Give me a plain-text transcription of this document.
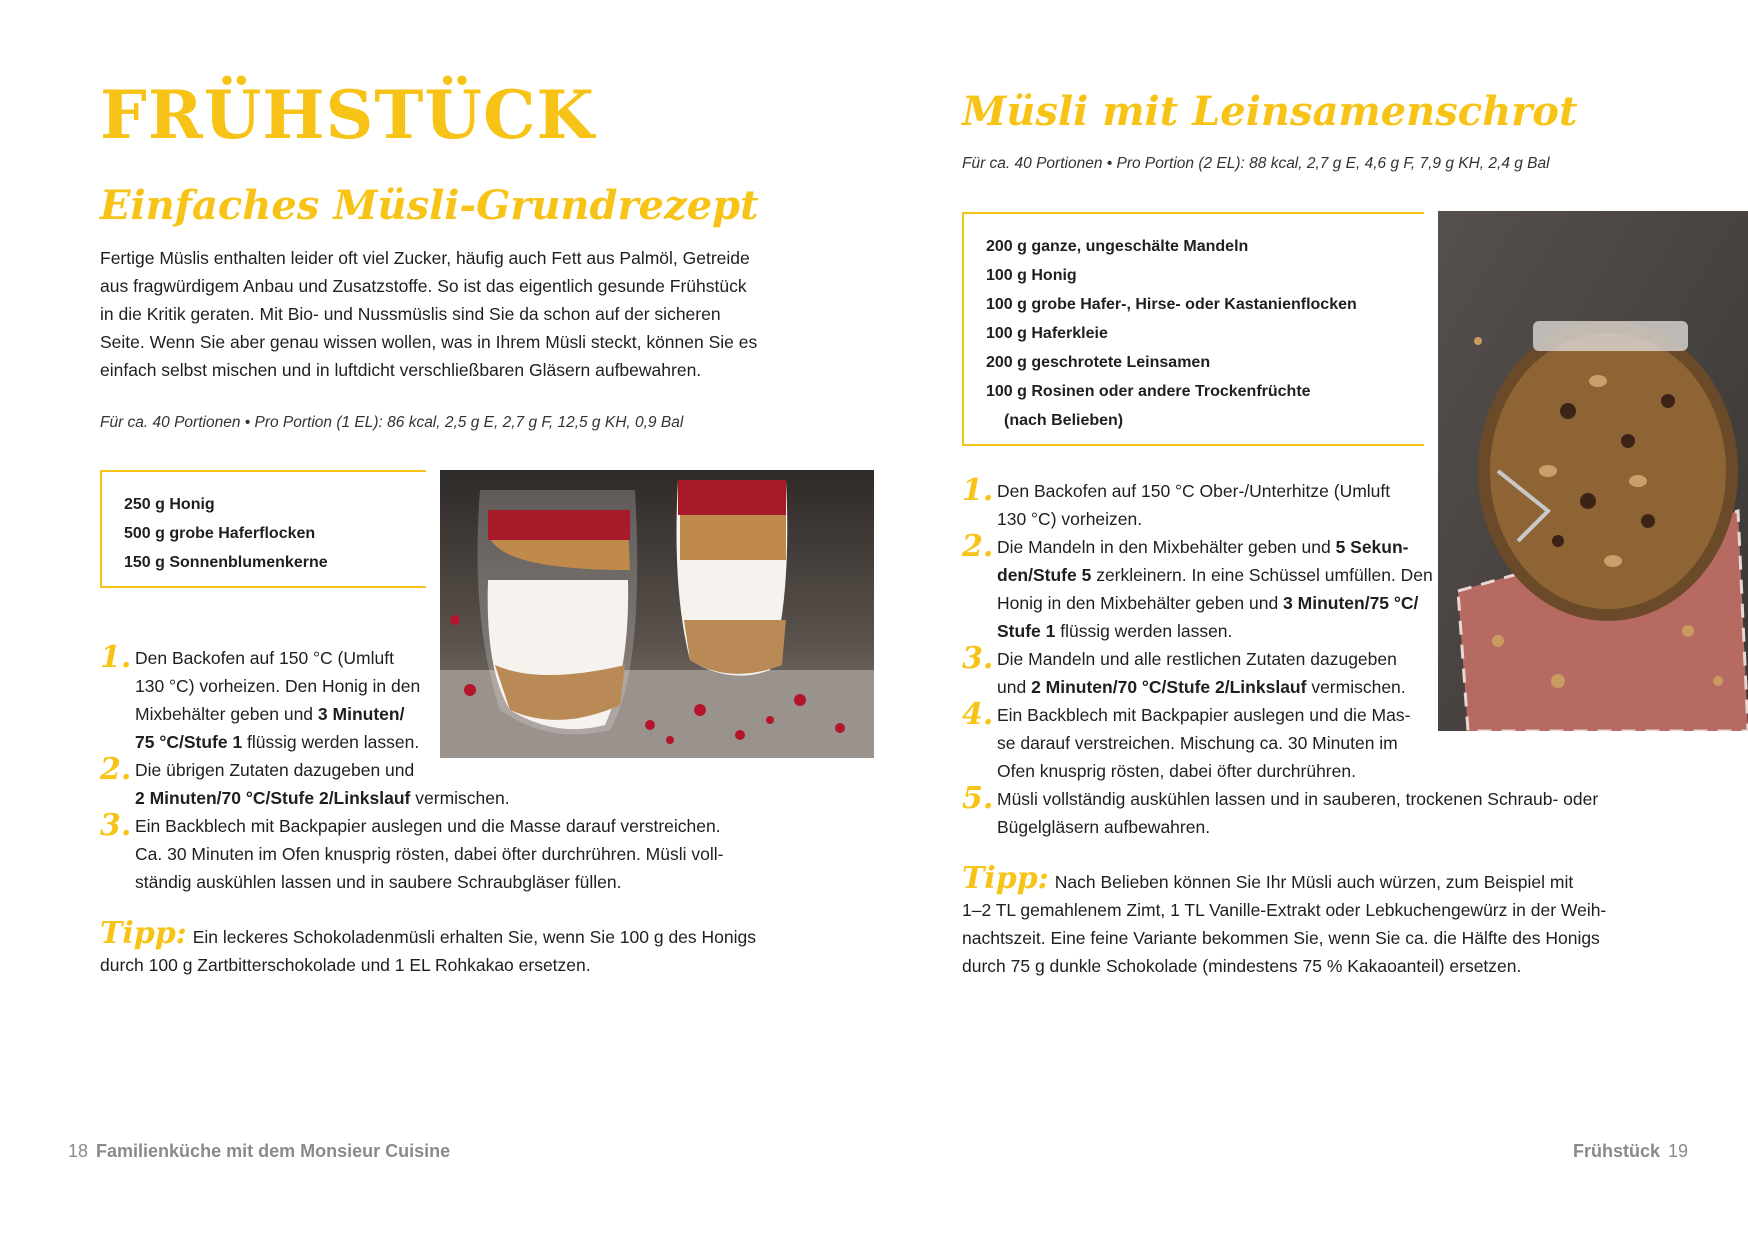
FRÜHSTÜCK
Einfaches Müsli-Grundrezept

Fertige Müslis enthalten leider oft viel Zucker, häufig auch Fett aus Palmöl, Getreide

aus fragwürdigem Anbau und Zusatzstoffe. So ist das eigentlich gesunde Frühstück

in die Kritik geraten. Mit Bio- und Nussmüslis sind Sie da schon auf der sicheren

Seite. Wenn Sie aber genau wissen wollen, was in Ihrem Müsli steckt, können Sie es

einfach selbst mischen und in luftdicht verschließbaren Gläsern aufbewahren.

Für ca. 40 Portionen • Pro Portion (1 EL): 86 kcal, 2,5 g E, 2,7 g F, 12,5 g KH, 0,9 Bal

250 g Honig
500 g grobe Haferflocken
150 g Sonnenblumenkerne
1. Den Backofen auf 150 °C (Umluft

130 °C) vorheizen. Den Honig in den

Mixbehälter geben und 3 Minuten/

75 °C/Stufe 1 flüssig werden lassen.

2. Die übrigen Zutaten dazugeben und

2 Minuten/70 °C/Stufe 2/Linkslauf vermischen.

3. Ein Backblech mit Backpapier auslegen und die Masse darauf verstreichen.

Ca. 30 Minuten im Ofen knusprig rösten, dabei öfter durchrühren. Müsli voll-

ständig auskühlen lassen und in saubere Schraubgläser füllen.

Tipp: Ein leckeres Schokoladenmüsli erhalten Sie, wenn Sie 100 g des Honigs

durch 100 g Zartbitterschokolade und 1 EL Rohkakao ersetzen.

18 Familienküche mit dem Monsieur Cuisine
Müsli mit Leinsamenschrot

Für ca. 40 Portionen • Pro Portion (2 EL): 88 kcal, 2,7 g E, 4,6 g F, 7,9 g KH, 2,4 g Bal

200 g ganze, ungeschälte Mandeln
100 g Honig
100 g grobe Hafer-, Hirse- oder Kastanienflocken
100 g Haferkleie
200 g geschrotete Leinsamen
100 g Rosinen oder andere Trockenfrüchte
(nach Belieben)
1. Den Backofen auf 150 °C Ober-/Unterhitze (Umluft

130 °C) vorheizen.

2. Die Mandeln in den Mixbehälter geben und 5 Sekun-

den/Stufe 5 zerkleinern. In eine Schüssel umfüllen. Den

Honig in den Mixbehälter geben und 3 Minuten/75 °C/

Stufe 1 flüssig werden lassen.

3. Die Mandeln und alle restlichen Zutaten dazugeben

und 2 Minuten/70 °C/Stufe 2/Linkslauf vermischen.

4. Ein Backblech mit Backpapier auslegen und die Mas-

se darauf verstreichen. Mischung ca. 30 Minuten im

Ofen knusprig rösten, dabei öfter durchrühren.

5. Müsli vollständig auskühlen lassen und in sauberen, trockenen Schraub- oder

Bügelgläsern aufbewahren.

Tipp: Nach Belieben können Sie Ihr Müsli auch würzen, zum Beispiel mit

1–2 TL gemahlenem Zimt, 1 TL Vanille-Extrakt oder Lebkuchengewürz in der Weih-

nachtszeit. Eine feine Variante bekommen Sie, wenn Sie ca. die Hälfte des Honigs

durch 75 g dunkle Schokolade (mindestens 75 % Kakaoanteil) ersetzen.

Frühstück 19
